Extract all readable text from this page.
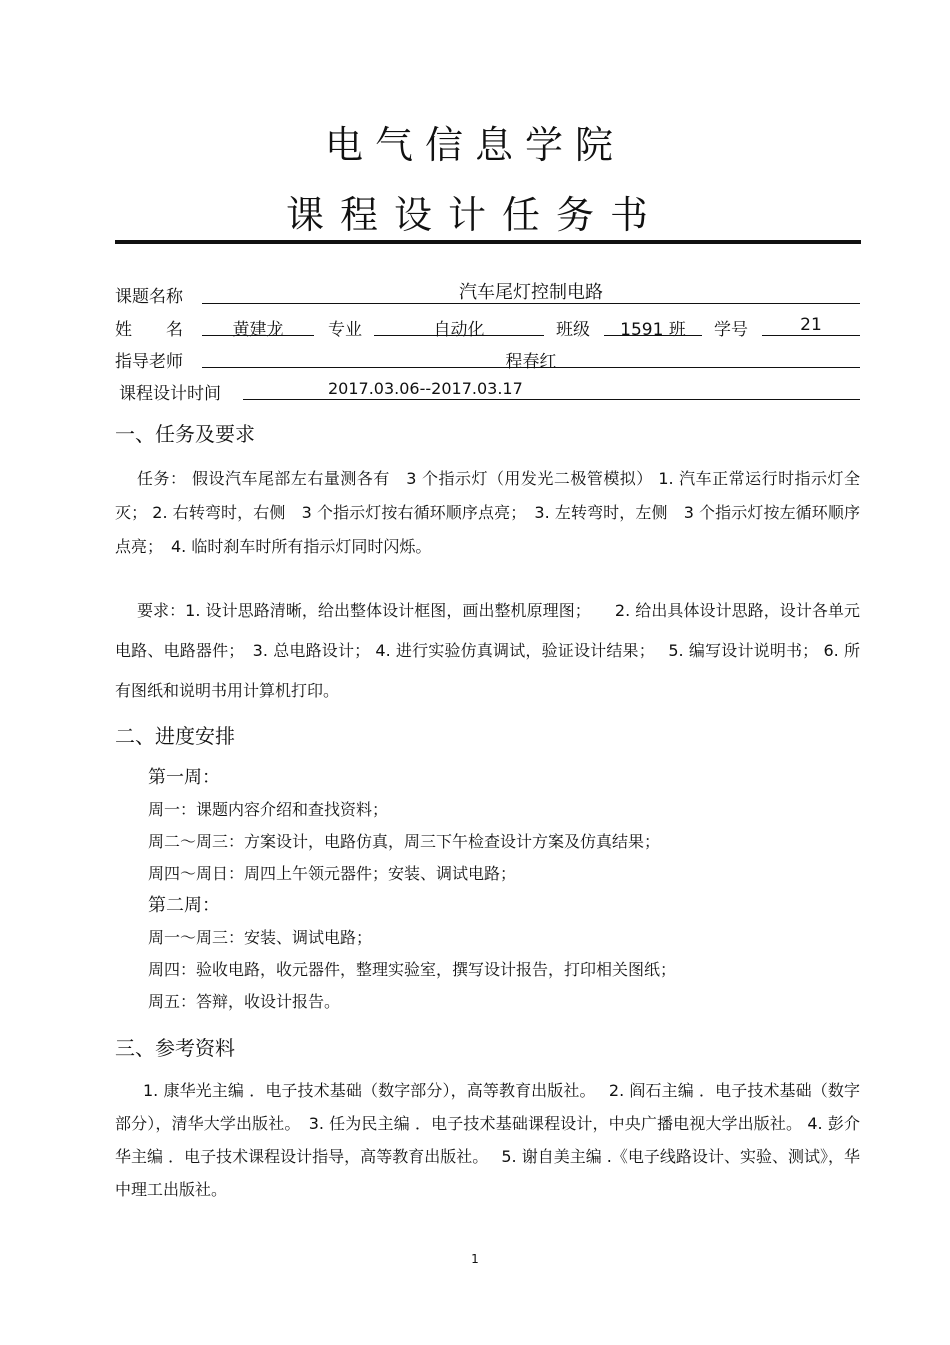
电气信息学院
课程设计任务书
课题名称	汽车尾灯控制电路
姓　　名	黄建龙	专业	自动化	班级	1591 班	学号	21
指导老师	程春红
课程设计时间	2017.03.06--2017.03.17
一、任务及要求

任务： 假设汽车尾部左右量测各有　3 个指示灯（用发光二极管模拟） 1. 汽车正常运行时指示灯全灭； 2. 右转弯时，右侧　3 个指示灯按右循环顺序点亮；　3. 左转弯时，左侧　3 个指示灯按左循环顺序点亮；　4. 临时刹车时所有指示灯同时闪烁。

要求：1. 设计思路清晰，给出整体设计框图，画出整机原理图；　　2. 给出具体设计思路，设计各单元电路、电路器件；　3. 总电路设计； 4. 进行实验仿真调试，验证设计结果；　 5. 编写设计说明书； 6. 所有图纸和说明书用计算机打印。

二、进度安排
第一周：
周一：课题内容介绍和查找资料；
周二～周三：方案设计，电路仿真，周三下午检查设计方案及仿真结果；
周四～周日：周四上午领元器件；安装、调试电路；
第二周：
周一～周三：安装、调试电路；
周四：验收电路，收元器件，整理实验室，撰写设计报告，打印相关图纸；
周五：答辩，收设计报告。
三、参考资料

1. 康华光主编 ．电子技术基础（数字部分），高等教育出版社。　 2. 阎石主编 ．电子技术基础（数字部分），清华大学出版社。　3. 任为民主编 ．电子技术基础课程设计，中央广播电视大学出版社。 4. 彭介华主编 ．电子技术课程设计指导，高等教育出版社。　 5. 谢自美主编 .《电子线路设计、实验、测试》，华中理工出版社。

1
